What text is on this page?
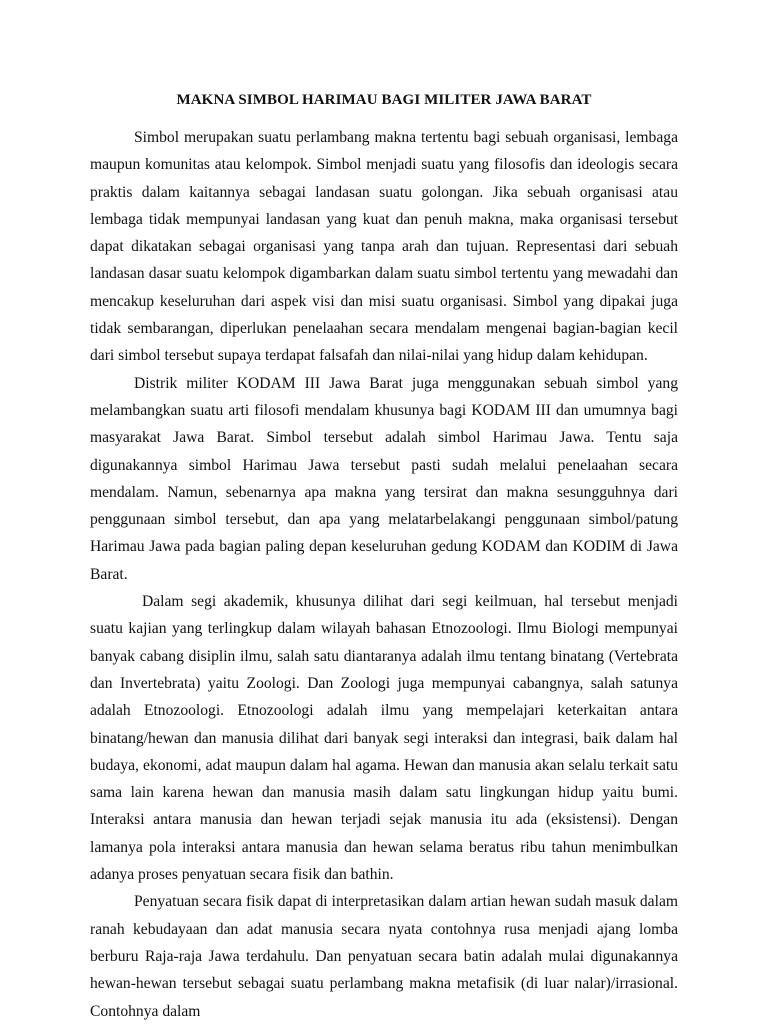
MAKNA SIMBOL HARIMAU BAGI MILITER JAWA BARAT

Simbol merupakan suatu perlambang makna tertentu bagi sebuah organisasi, lembaga maupun komunitas atau kelompok. Simbol menjadi suatu yang filosofis dan ideologis secara praktis dalam kaitannya sebagai landasan suatu golongan. Jika sebuah organisasi atau lembaga tidak mempunyai landasan yang kuat dan penuh makna, maka organisasi tersebut dapat dikatakan sebagai organisasi yang tanpa arah dan tujuan. Representasi dari sebuah landasan dasar suatu kelompok digambarkan dalam suatu simbol tertentu yang mewadahi dan mencakup keseluruhan dari aspek visi dan misi suatu organisasi. Simbol yang dipakai juga tidak sembarangan, diperlukan penelaahan secara mendalam mengenai bagian-bagian kecil dari simbol tersebut supaya terdapat falsafah dan nilai-nilai yang hidup dalam kehidupan.

Distrik militer KODAM III Jawa Barat juga menggunakan sebuah simbol yang melambangkan suatu arti filosofi mendalam khusunya bagi KODAM III dan umumnya bagi masyarakat Jawa Barat. Simbol tersebut adalah simbol Harimau Jawa. Tentu saja digunakannya simbol Harimau Jawa tersebut pasti sudah melalui penelaahan secara mendalam. Namun, sebenarnya apa makna yang tersirat dan makna sesungguhnya dari penggunaan simbol tersebut, dan apa yang melatarbelakangi penggunaan simbol/patung Harimau Jawa pada bagian paling depan keseluruhan gedung KODAM dan KODIM di Jawa Barat.

Dalam segi akademik, khusunya dilihat dari segi keilmuan, hal tersebut menjadi suatu kajian yang terlingkup dalam wilayah bahasan Etnozoologi. Ilmu Biologi mempunyai banyak cabang disiplin ilmu, salah satu diantaranya adalah ilmu tentang binatang (Vertebrata dan Invertebrata) yaitu Zoologi. Dan Zoologi juga mempunyai cabangnya, salah satunya adalah Etnozoologi. Etnozoologi adalah ilmu yang mempelajari keterkaitan antara binatang/hewan dan manusia dilihat dari banyak segi interaksi dan integrasi, baik dalam hal budaya, ekonomi, adat maupun dalam hal agama. Hewan dan manusia akan selalu terkait satu sama lain karena hewan dan manusia masih dalam satu lingkungan hidup yaitu bumi. Interaksi antara manusia dan hewan terjadi sejak manusia itu ada (eksistensi). Dengan lamanya pola interaksi antara manusia dan hewan selama beratus ribu tahun menimbulkan adanya proses penyatuan secara fisik dan bathin.

Penyatuan secara fisik dapat di interpretasikan dalam artian hewan sudah masuk dalam ranah kebudayaan dan adat manusia secara nyata contohnya rusa menjadi ajang lomba berburu Raja-raja Jawa terdahulu. Dan penyatuan secara batin adalah mulai digunakannya hewan-hewan tersebut sebagai suatu perlambang makna metafisik (di luar nalar)/irrasional. Contohnya dalam
